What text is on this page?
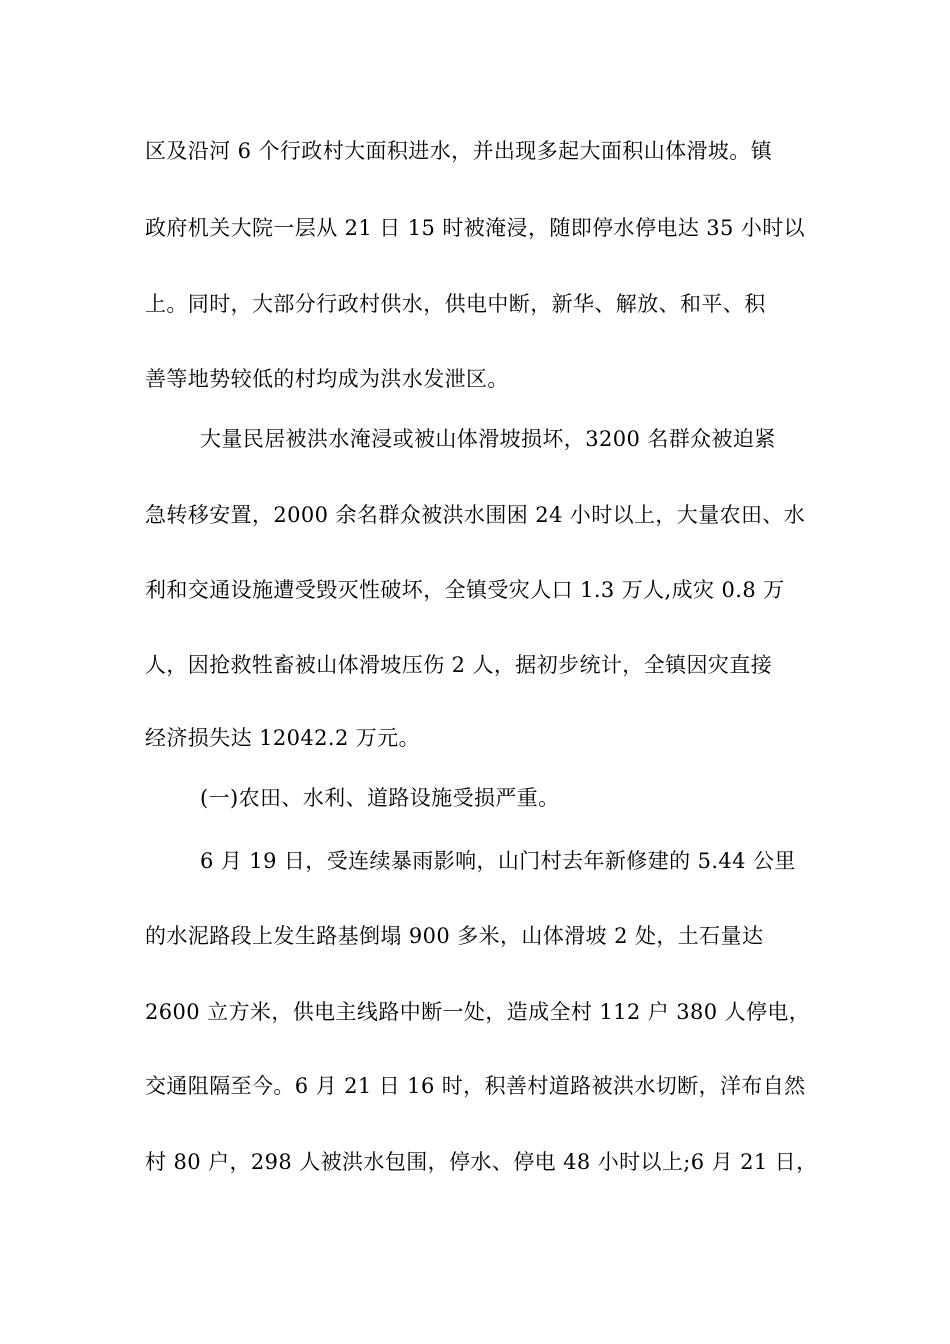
区及沿河 6 个行政村大面积进水，并出现多起大面积山体滑坡。镇
政府机关大院一层从 21 日 15 时被淹浸，随即停水停电达 35 小时以
上。同时，大部分行政村供水，供电中断，新华、解放、和平、积
善等地势较低的村均成为洪水发泄区。
大量民居被洪水淹浸或被山体滑坡损坏，3200 名群众被迫紧
急转移安置，2000 余名群众被洪水围困 24 小时以上，大量农田、水
利和交通设施遭受毁灭性破坏，全镇受灾人口 1.3 万人,成灾 0.8 万
人，因抢救牲畜被山体滑坡压伤 2 人，据初步统计，全镇因灾直接
经济损失达 12042.2 万元。
(一)农田、水利、道路设施受损严重。
6 月 19 日，受连续暴雨影响，山门村去年新修建的 5.44 公里
的水泥路段上发生路基倒塌 900 多米，山体滑坡 2 处，土石量达
2600 立方米，供电主线路中断一处，造成全村 112 户 380 人停电，
交通阻隔至今。6 月 21 日 16 时，积善村道路被洪水切断，洋布自然
村 80 户，298 人被洪水包围，停水、停电 48 小时以上;6 月 21 日，
